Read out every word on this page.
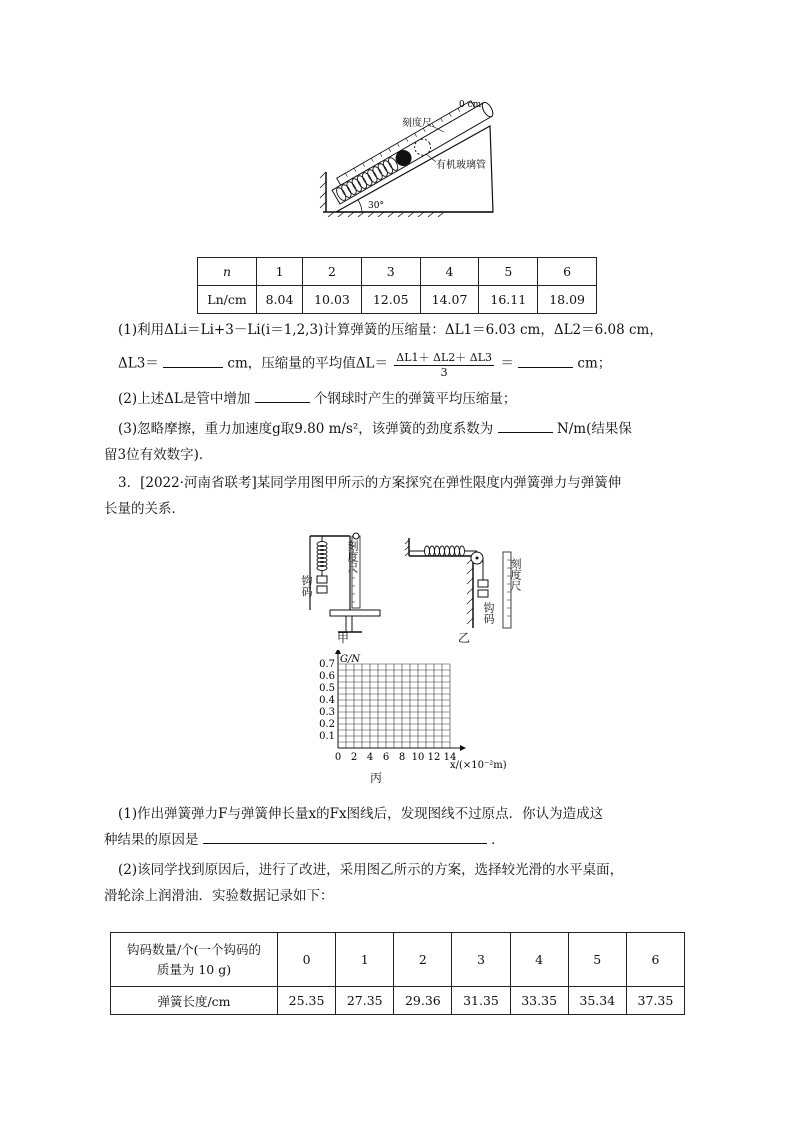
30°
刻度尺
0 cm
有机玻璃管
n	1	2	3	4	5	6
Ln/cm	8.04	10.03	12.05	14.07	16.11	18.09
(1)利用ΔLi＝Li+3－Li(i＝1,2,3)计算弹簧的压缩量：ΔL1＝6.03 cm，ΔL2＝6.08 cm，
ΔL3＝	cm，压缩量的平均值$\Delta L= \frac{\Delta L1+ \Delta L2+ \Delta L3}{3}$ ＝	cm；
(2)上述ΔL是管中增加	个钢球时产生的弹簧平均压缩量；
(3)忽略摩擦，重力加速度g取9.80 m/s²，该弹簧的劲度系数为	N/m(结果保
留3位有效数字)．
3．[2022·河南省联考]某同学用图甲所示的方案探究在弹性限度内弹簧弹力与弹簧伸
长量的关系．
刻度尺
钩码
甲
刻度尺
钩码
乙
0 2 4 6 8 10 12 14
0.1
0.2
0.3
0.4
0.5
0.6
0.7 G/N
x/(×10⁻²m)
丙
(1)作出弹簧弹力F与弹簧伸长量x的Fx图线后，发现图线不过原点．你认为造成这
种结果的原因是	．
(2)该同学找到原因后，进行了改进，采用图乙所示的方案，选择较光滑的水平桌面，
滑轮涂上润滑油．实验数据记录如下：
钩码数量/个(一个钩码的
质量为 10 g)	0	1	2	3	4	5	6
弹簧长度/cm	25.35	27.35	29.36	31.35	33.35	35.34	37.35
